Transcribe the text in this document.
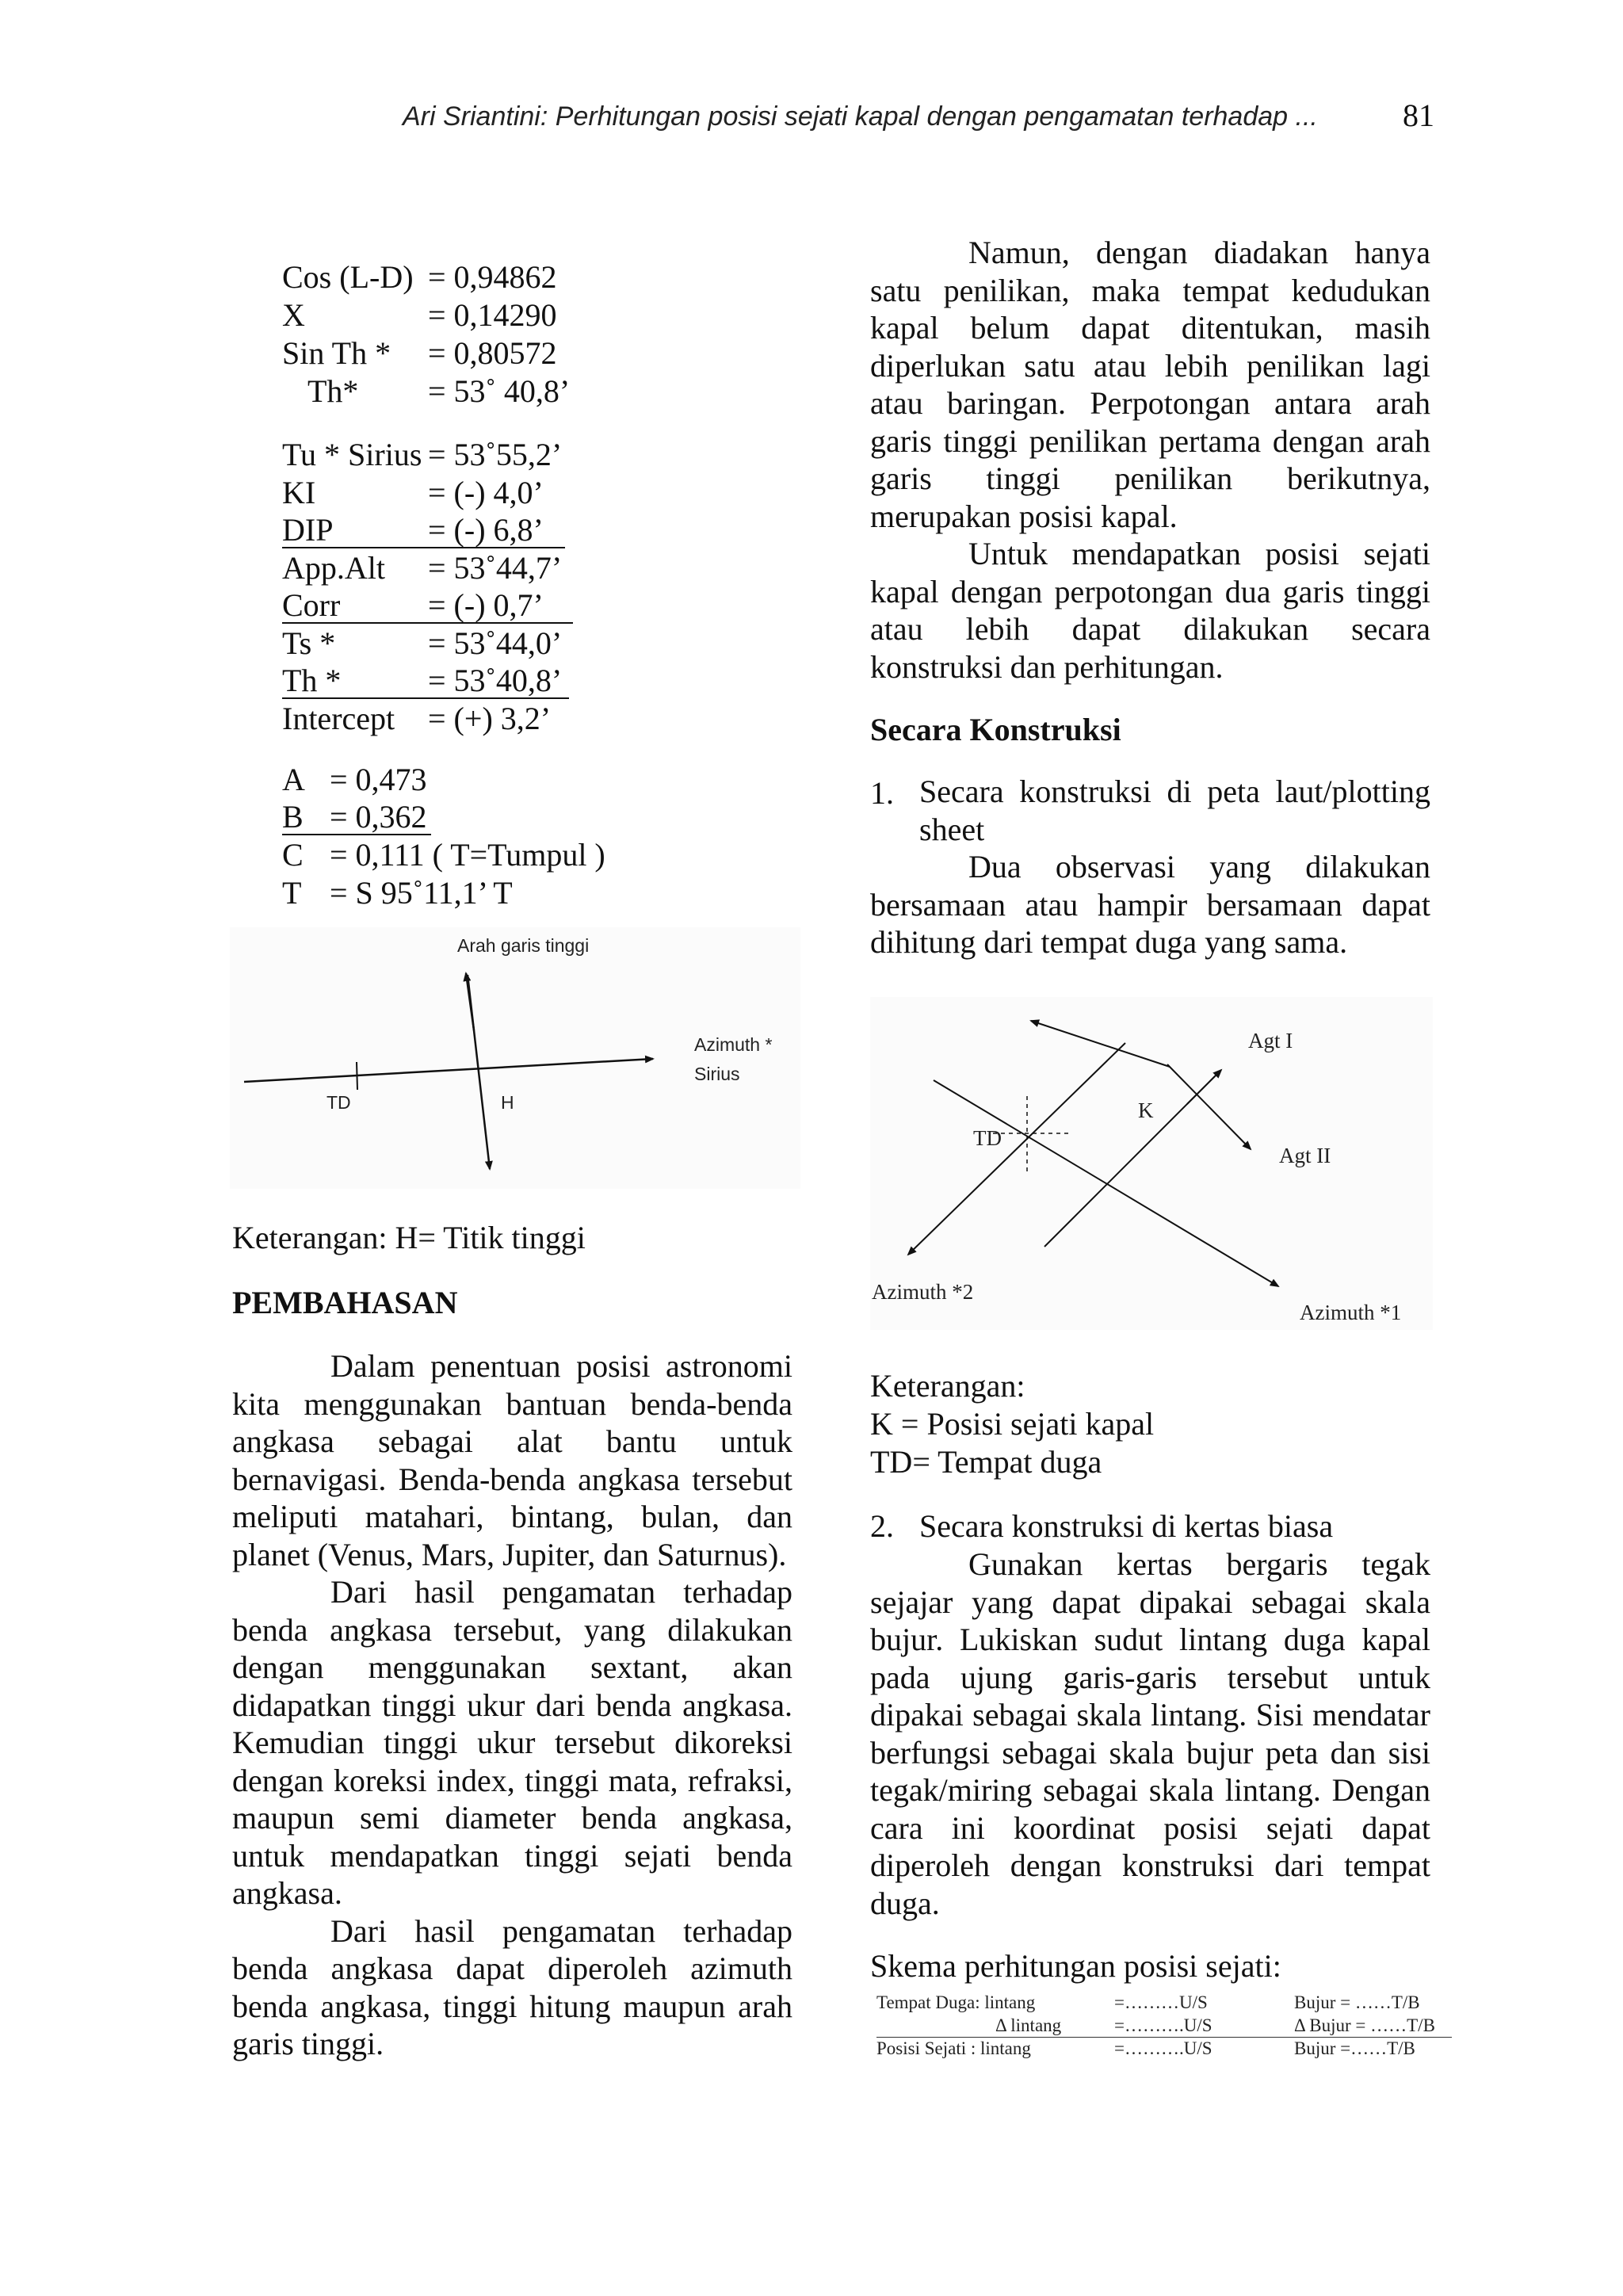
Ari Sriantini: Perhitungan posisi sejati kapal dengan pengamatan terhadap ...	81
Cos (L-D) = 0,94862
X	= 0,14290
Sin Th * = 0,80572
Th* = 53˚ 40,8’
Tu * Sirius = 53˚55,2’
KI	= (-) 4,0’
DIP	= (-) 6,8’
App.Alt = 53˚44,7’
Corr	= (-) 0,7’
Ts *	= 53˚44,0’
Th *	= 53˚40,8’
Intercept = (+) 3,2’
A = 0,473
B = 0,362
C = 0,111 ( T=Tumpul )
T = S 95˚11,1’ T
Arah garis tinggi
Azimuth *
Sirius
TD	H
Keterangan: H= Titik tinggi
PEMBAHASAN

Dalam penentuan posisi astronomi kita menggunakan bantuan benda-benda angkasa sebagai alat bantu untuk bernavigasi. Benda-benda angkasa tersebut meliputi matahari, bintang, bulan, dan planet (Venus, Mars, Jupiter, dan Saturnus).

Dari hasil pengamatan terhadap benda angkasa tersebut, yang dilakukan dengan menggunakan sextant, akan didapatkan tinggi ukur dari benda angkasa. Kemudian tinggi ukur tersebut dikoreksi dengan koreksi index, tinggi mata, refraksi, maupun semi diameter benda angkasa, untuk mendapatkan tinggi sejati benda angkasa.

Dari hasil pengamatan terhadap benda angkasa dapat diperoleh azimuth benda angkasa, tinggi hitung maupun arah garis tinggi.

Namun, dengan diadakan hanya satu penilikan, maka tempat kedudukan kapal belum dapat ditentukan, masih diperlukan satu atau lebih penilikan lagi atau baringan. Perpotongan antara arah garis tinggi penilikan pertama dengan arah garis tinggi penilikan berikutnya, merupakan posisi kapal.

Untuk mendapatkan posisi sejati kapal dengan perpotongan dua garis tinggi atau lebih dapat dilakukan secara konstruksi dan perhitungan.

Secara Konstruksi
1. Secara konstruksi di peta laut/plotting sheet
Dua observasi yang dilakukan bersamaan atau hampir bersamaan dapat dihitung dari tempat duga yang sama.
Agt I
Agt II
K
TD
Azimuth *2
Azimuth *1
Keterangan:
K = Posisi sejati kapal
TD= Tempat duga
2. Secara konstruksi di kertas biasa
Gunakan kertas bergaris tegak sejajar yang dapat dipakai sebagai skala bujur. Lukiskan sudut lintang duga kapal pada ujung garis-garis tersebut untuk dipakai sebagai skala lintang. Sisi mendatar berfungsi sebagai skala bujur peta dan sisi tegak/miring sebagai skala lintang. Dengan cara ini koordinat posisi sejati dapat diperoleh dengan konstruksi dari tempat duga.
Skema perhitungan posisi sejati:
Tempat Duga: lintang	=………U/S	Bujur = ……T/B
Δ lintang	=……….U/S	Δ Bujur = ……T/B
Posisi Sejati : lintang	=……….U/S	Bujur =……T/B
